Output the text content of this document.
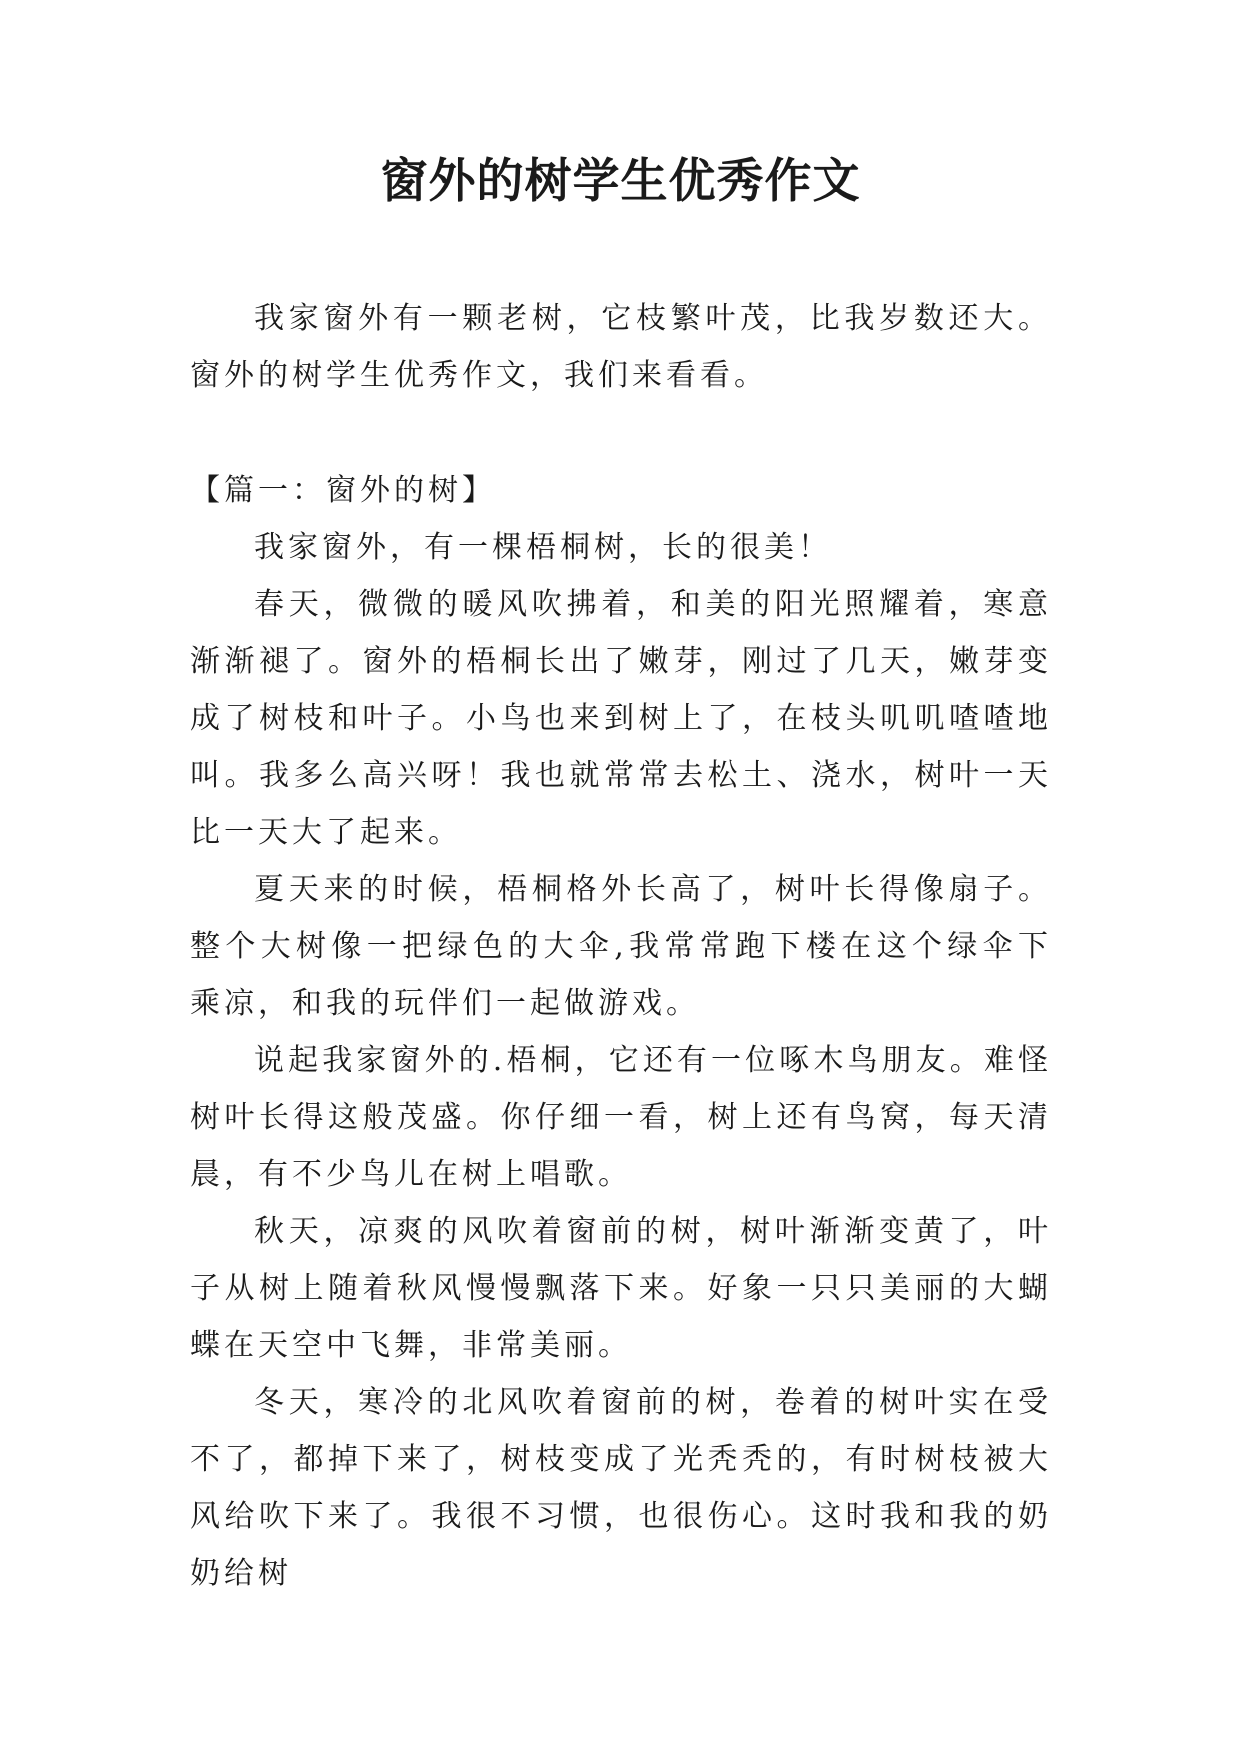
窗外的树学生优秀作文

我家窗外有一颗老树，它枝繁叶茂，比我岁数还大。窗外的树学生优秀作文，我们来看看。

【篇一：窗外的树】

我家窗外，有一棵梧桐树，长的很美！

春天，微微的暖风吹拂着，和美的阳光照耀着，寒意渐渐褪了。窗外的梧桐长出了嫩芽，刚过了几天，嫩芽变成了树枝和叶子。小鸟也来到树上了，在枝头叽叽喳喳地叫。我多么高兴呀！我也就常常去松土、浇水，树叶一天比一天大了起来。

夏天来的时候，梧桐格外长高了，树叶长得像扇子。整个大树像一把绿色的大伞,我常常跑下楼在这个绿伞下乘凉，和我的玩伴们一起做游戏。

说起我家窗外的.梧桐，它还有一位啄木鸟朋友。难怪树叶长得这般茂盛。你仔细一看，树上还有鸟窝，每天清晨，有不少鸟儿在树上唱歌。

秋天，凉爽的风吹着窗前的树，树叶渐渐变黄了，叶子从树上随着秋风慢慢飘落下来。好象一只只美丽的大蝴蝶在天空中飞舞，非常美丽。

冬天，寒冷的北风吹着窗前的树，卷着的树叶实在受不了，都掉下来了，树枝变成了光秃秃的，有时树枝被大风给吹下来了。我很不习惯，也很伤心。这时我和我的奶奶给树
